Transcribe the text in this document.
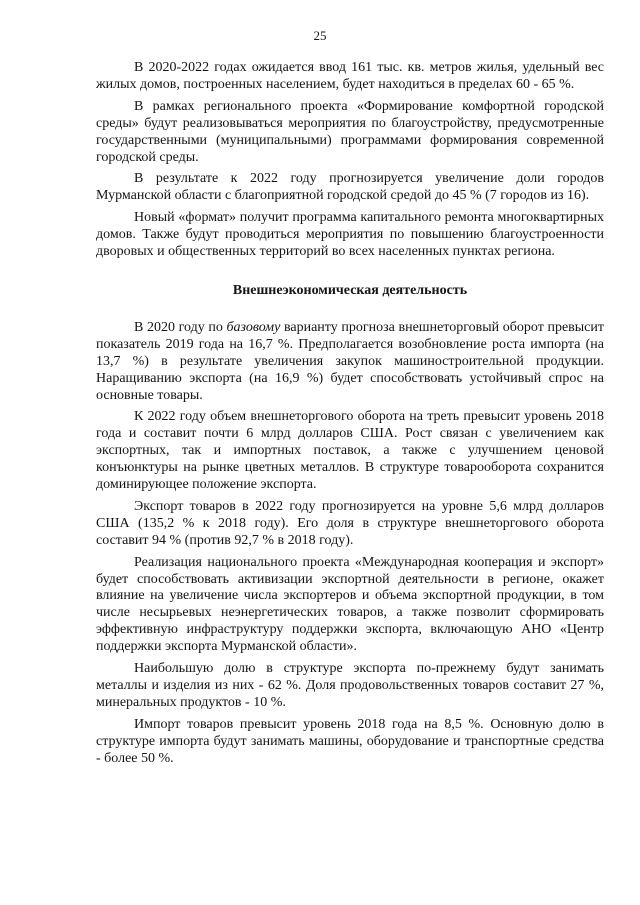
25

В 2020-2022 годах ожидается ввод 161 тыс. кв. метров жилья, удельный вес жилых домов, построенных населением, будет находиться в пределах 60 - 65 %.

В рамках регионального проекта «Формирование комфортной городской среды» будут реализовываться мероприятия по благоустройству, предусмотренные государственными (муниципальными) программами формирования современной городской среды.

В результате к 2022 году прогнозируется увеличение доли городов Мурманской области с благоприятной городской средой до 45 % (7 городов из 16).

Новый «формат» получит программа капитального ремонта многоквартирных домов. Также будут проводиться мероприятия по повышению благоустроенности дворовых и общественных территорий во всех населенных пунктах региона.

Внешнеэкономическая деятельность

В 2020 году по базовому варианту прогноза внешнеторговый оборот превысит показатель 2019 года на 16,7 %. Предполагается возобновление роста импорта (на 13,7 %) в результате увеличения закупок машиностроительной продукции. Наращиванию экспорта (на 16,9 %) будет способствовать устойчивый спрос на основные товары.

К 2022 году объем внешнеторгового оборота на треть превысит уровень 2018 года и составит почти 6 млрд долларов США. Рост связан с увеличением как экспортных, так и импортных поставок, а также с улучшением ценовой конъюнктуры на рынке цветных металлов. В структуре товарооборота сохранится доминирующее положение экспорта.

Экспорт товаров в 2022 году прогнозируется на уровне 5,6 млрд долларов США (135,2 % к 2018 году). Его доля в структуре внешнеторгового оборота составит 94 % (против 92,7 % в 2018 году).

Реализация национального проекта «Международная кооперация и экспорт» будет способствовать активизации экспортной деятельности в регионе, окажет влияние на увеличение числа экспортеров и объема экспортной продукции, в том числе несырьевых неэнергетических товаров, а также позволит сформировать эффективную инфраструктуру поддержки экспорта, включающую АНО «Центр поддержки экспорта Мурманской области».

Наибольшую долю в структуре экспорта по-прежнему будут занимать металлы и изделия из них - 62 %. Доля продовольственных товаров составит 27 %, минеральных продуктов - 10 %.

Импорт товаров превысит уровень 2018 года на 8,5 %. Основную долю в структуре импорта будут занимать машины, оборудование и транспортные средства - более 50 %.
